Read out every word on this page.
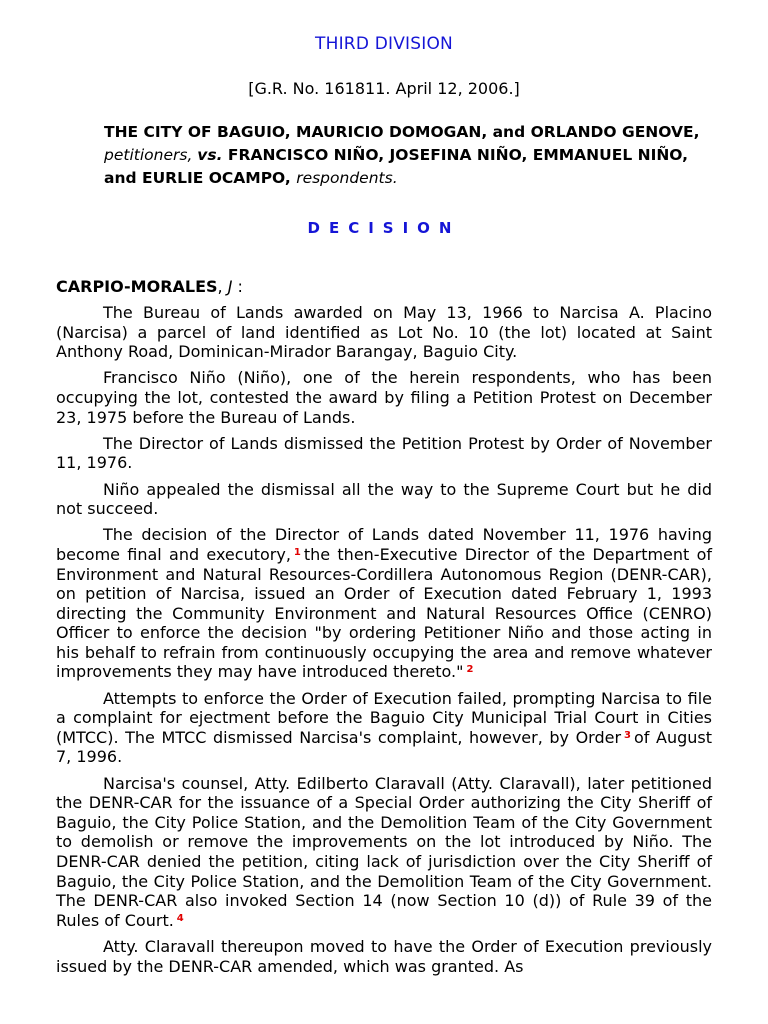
THIRD DIVISION
[G.R. No. 161811. April 12, 2006.]
THE CITY OF BAGUIO, MAURICIO DOMOGAN, and ORLANDO GENOVE, petitioners, vs. FRANCISCO NIÑO, JOSEFINA NIÑO, EMMANUEL NIÑO, and EURLIE OCAMPO, respondents.
DECISION
CARPIO-MORALES, J :

The Bureau of Lands awarded on May 13, 1966 to Narcisa A. Placino (Narcisa) a parcel of land identified as Lot No. 10 (the lot) located at Saint Anthony Road, Dominican-Mirador Barangay, Baguio City.

Francisco Niño (Niño), one of the herein respondents, who has been occupying the lot, contested the award by filing a Petition Protest on December 23, 1975 before the Bureau of Lands.

The Director of Lands dismissed the Petition Protest by Order of November 11, 1976.

Niño appealed the dismissal all the way to the Supreme Court but he did not succeed.

The decision of the Director of Lands dated November 11, 1976 having become final and executory, $^1$ the then-Executive Director of the Department of Environment and Natural Resources-Cordillera Autonomous Region (DENR-CAR), on petition of Narcisa, issued an Order of Execution dated February 1, 1993 directing the Community Environment and Natural Resources Office (CENRO) Officer to enforce the decision "by ordering Petitioner Niño and those acting in his behalf to refrain from continuously occupying the area and remove whatever improvements they may have introduced thereto." $^2$

Attempts to enforce the Order of Execution failed, prompting Narcisa to file a complaint for ejectment before the Baguio City Municipal Trial Court in Cities (MTCC). The MTCC dismissed Narcisa's complaint, however, by Order $^3$ of August 7, 1996.

Narcisa's counsel, Atty. Edilberto Claravall (Atty. Claravall), later petitioned the DENR-CAR for the issuance of a Special Order authorizing the City Sheriff of Baguio, the City Police Station, and the Demolition Team of the City Government to demolish or remove the improvements on the lot introduced by Niño. The DENR-CAR denied the petition, citing lack of jurisdiction over the City Sheriff of Baguio, the City Police Station, and the Demolition Team of the City Government. The DENR-CAR also invoked Section 14 (now Section 10 (d)) of Rule 39 of the Rules of Court. $^4$

Atty. Claravall thereupon moved to have the Order of Execution previously issued by the DENR-CAR amended, which was granted. As
